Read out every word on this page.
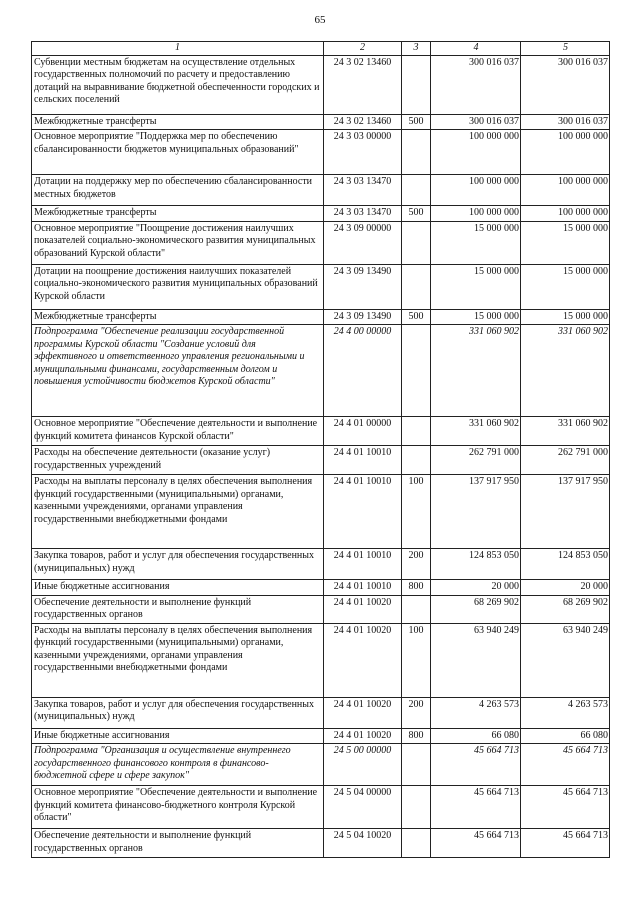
65
1	2	3	4	5
Субвенции местным бюджетам на осуществление отдельных государственных полномочий по расчету и предоставлению дотаций на выравнивание бюджетной обеспеченности городских и сельских поселений	24 3 02 13460		300 016 037	300 016 037
Межбюджетные трансферты	24 3 02 13460	500	300 016 037	300 016 037
Основное мероприятие "Поддержка мер по обеспечению сбалансированности бюджетов муниципальных образований"	24 3 03 00000		100 000 000	100 000 000
Дотации на поддержку мер по обеспечению сбалансированности местных бюджетов	24 3 03 13470		100 000 000	100 000 000
Межбюджетные трансферты	24 3 03 13470	500	100 000 000	100 000 000
Основное мероприятие "Поощрение достижения наилучших показателей социально-экономического развития муниципальных образований Курской области"	24 3 09 00000		15 000 000	15 000 000
Дотации на поощрение достижения наилучших показателей социально-экономического развития муниципальных образований Курской области	24 3 09 13490		15 000 000	15 000 000
Межбюджетные трансферты	24 3 09 13490	500	15 000 000	15 000 000
Подпрограмма "Обеспечение реализации государственной программы Курской области "Создание условий для эффективного и ответственного управления региональными и муниципальными финансами, государственным долгом и повышения устойчивости бюджетов Курской области"	24 4 00 00000		331 060 902	331 060 902
Основное мероприятие "Обеспечение деятельности и выполнение функций комитета финансов Курской области"	24 4 01 00000		331 060 902	331 060 902
Расходы на обеспечение деятельности (оказание услуг) государственных учреждений	24 4 01 10010		262 791 000	262 791 000
Расходы на выплаты персоналу в целях обеспечения выполнения функций государственными (муниципальными) органами, казенными учреждениями, органами управления государственными внебюджетными фондами	24 4 01 10010	100	137 917 950	137 917 950
Закупка товаров, работ и услуг для обеспечения государственных (муниципальных) нужд	24 4 01 10010	200	124 853 050	124 853 050
Иные бюджетные ассигнования	24 4 01 10010	800	20 000	20 000
Обеспечение деятельности и выполнение функций государственных органов	24 4 01 10020		68 269 902	68 269 902
Расходы на выплаты персоналу в целях обеспечения выполнения функций государственными (муниципальными) органами, казенными учреждениями, органами управления государственными внебюджетными фондами	24 4 01 10020	100	63 940 249	63 940 249
Закупка товаров, работ и услуг для обеспечения государственных (муниципальных) нужд	24 4 01 10020	200	4 263 573	4 263 573
Иные бюджетные ассигнования	24 4 01 10020	800	66 080	66 080
Подпрограмма "Организация и осуществление внутреннего государственного финансового контроля в финансово-бюджетной сфере и сфере закупок"	24 5 00 00000		45 664 713	45 664 713
Основное мероприятие "Обеспечение деятельности и выполнение функций комитета финансово-бюджетного контроля Курской области"	24 5 04 00000		45 664 713	45 664 713
Обеспечение деятельности и выполнение функций государственных органов	24 5 04 10020		45 664 713	45 664 713
